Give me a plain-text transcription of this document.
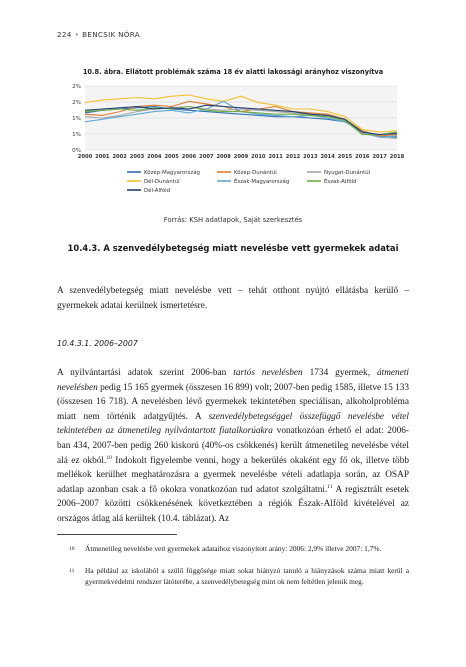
224 • BENCSIK NÓRA
10.8. ábra. Ellátott problémák száma 18 év alatti lakossági arányhoz viszonyítva
2%
2%
1%
1%
0%
2000 2001 2002 2003 2004 2005 2006 2007 2008 2009 2010 2011 2012 2013 2014 2015 2016 2017 2018
Közép-Magyarország	Közép-Dunántúl	Nyugat-Dunántúl
Dél-Dunántúl	Észak-Magyarország	Észak-Alföld
Dél-Alföld
Forrás: KSH adatlapok, Saját szerkesztés
10.4.3. A szenvedélybetegség miatt nevelésbe vett gyermekek adatai

A szenvedélybetegség miatt nevelésbe vett – tehát otthont nyújtó ellátásba kerülő – gyermekek adatai kerülnek ismertetésre.

10.4.3.1. 2006–2007

A nyilvántartási adatok szerint 2006-ban tartós nevelésben 1734 gyermek, átmeneti nevelésben pedig 15 165 gyermek (összesen 16 899) volt; 2007-ben pedig 1585, illetve 15 133 (összesen 16 718). A nevelésben lévő gyermekek tekintetében speciálisan, alkoholprobléma miatt nem történik adatgyűjtés. A szenvedélybetegséggel összefüggő nevelésbe vétel tekintetében az átmenetileg nyilvántartott fiatalkorúakra vonatkozóan érhető el adat: 2006-ban 434, 2007-ben pedig 260 kiskorú (40%-os csökkenés) került átmenetileg nevelésbe vétel alá ez okból.$^{10}$ Indokolt figyelembe venni, hogy a bekerülés okaként egy fő ok, illetve több mellékok kerülhet meghatározásra a gyermek nevelésbe vételi adatlapja során, az OSAP adatlap azonban csak a fő okokra vonatkozóan tud adatot szolgáltatni.$^{11}$ A regisztrált esetek 2006–2007 közötti csökkenésének következtében a régiók Észak-Alföld kivételével az országos átlag alá kerültek (10.4. táblázat). Az

10 Átmenetileg nevelésbe vett gyermekek adataihoz viszonyított arány: 2006: 2,9% illetve 2007: 1,7%.
11 Ha például az iskolából a szülő függősége miatt sokat hiányzó tanuló a hiányzások száma miatt kerül a gyermekvédelmi rendszer látóterébe, a szenvedélybetegség mint ok nem feltétlen jelenik meg.
